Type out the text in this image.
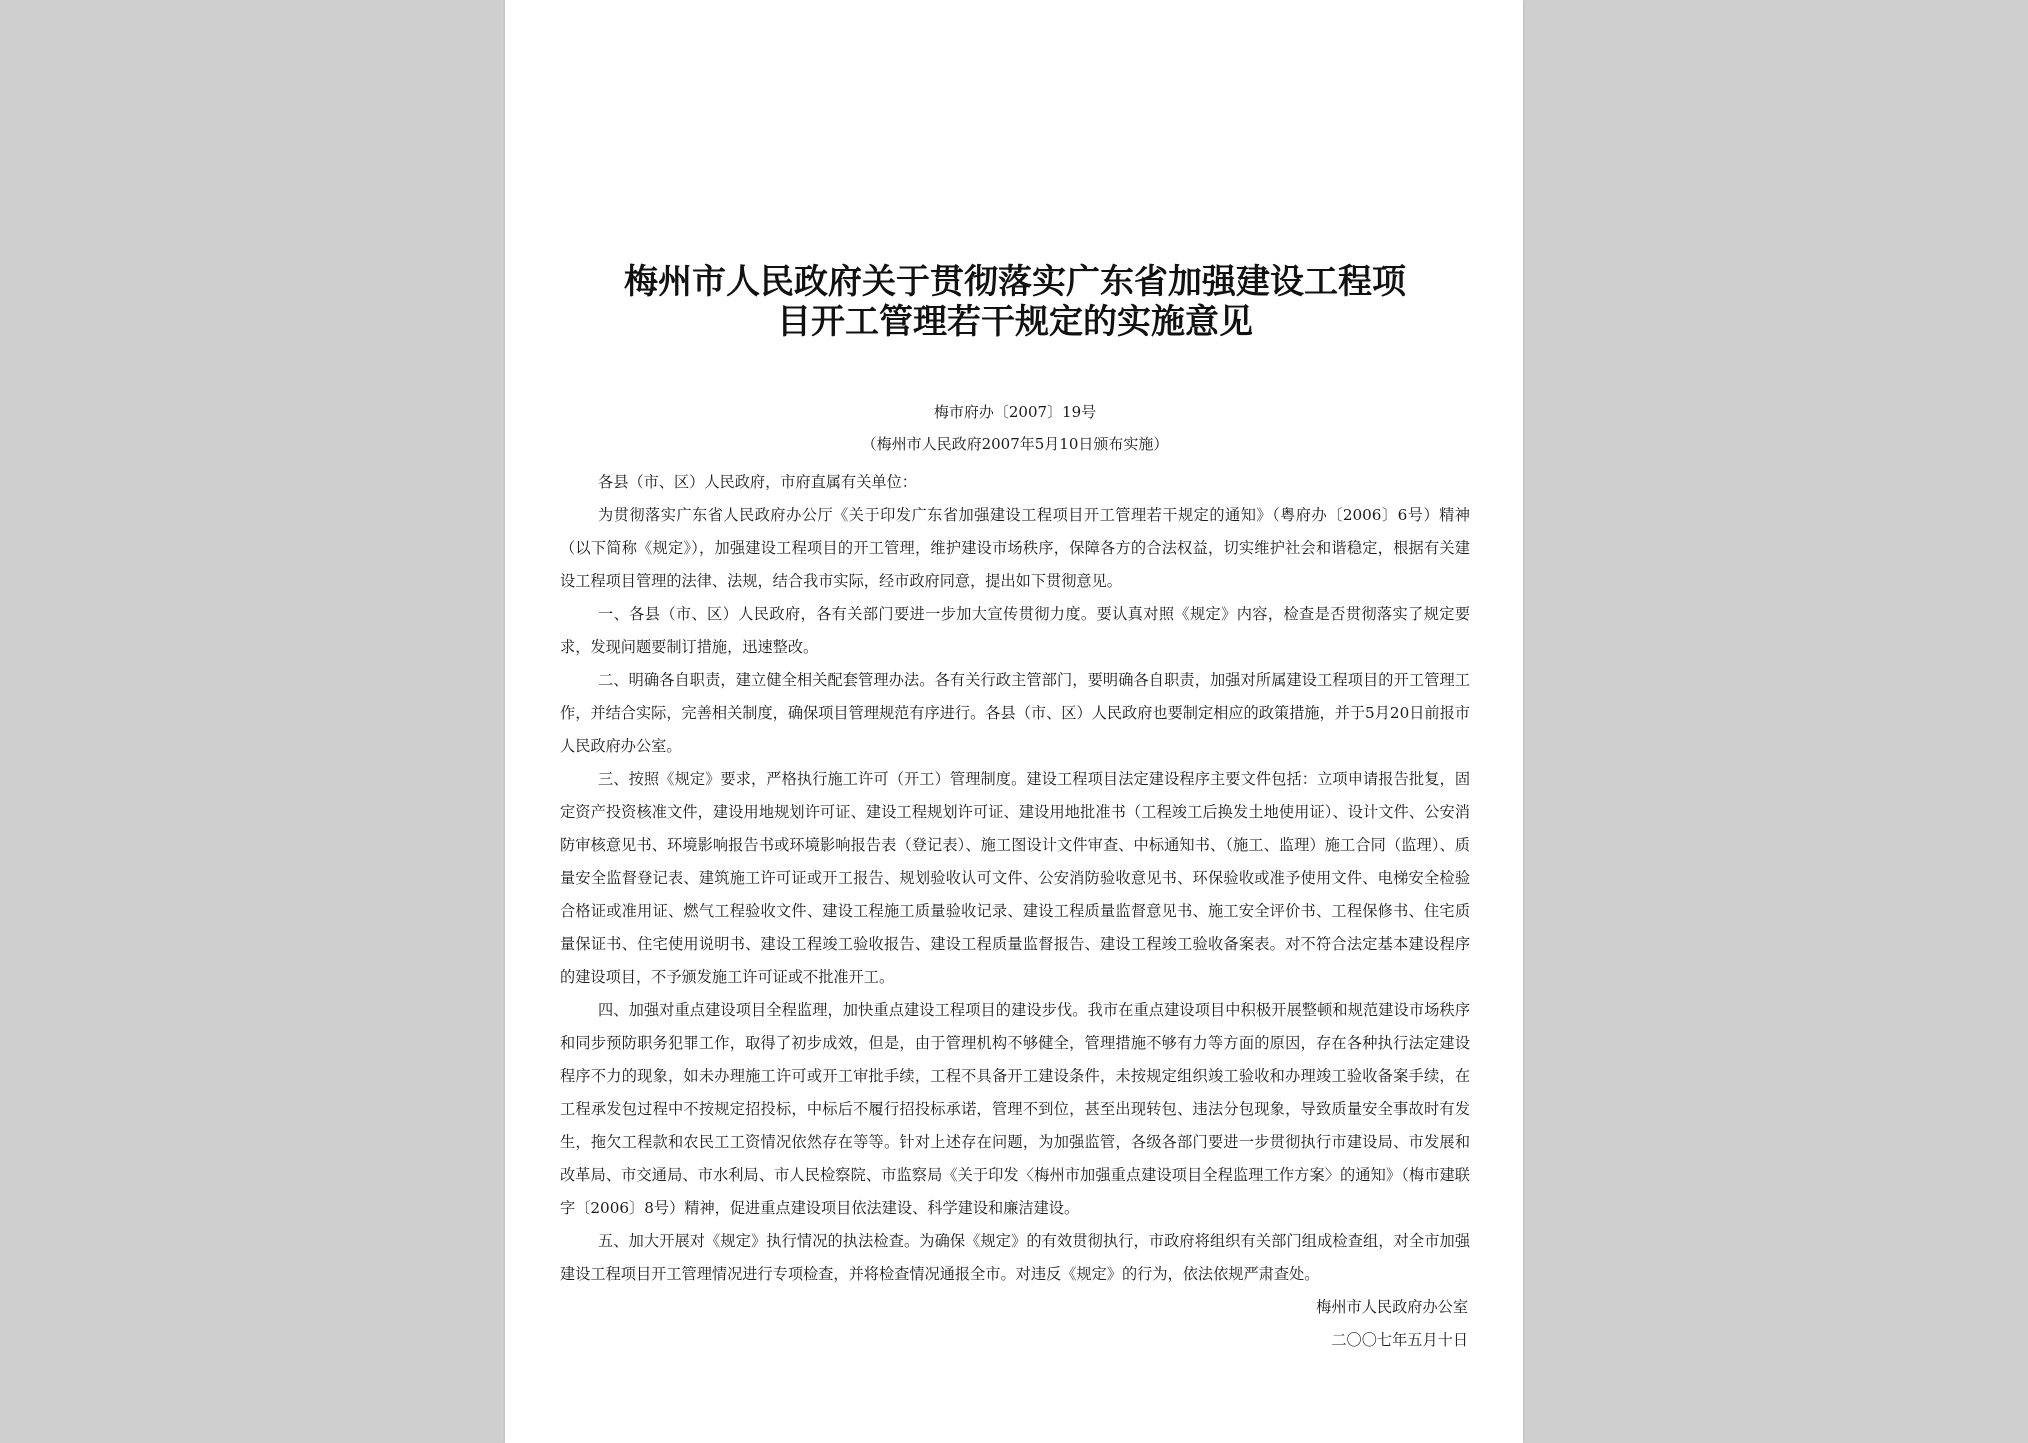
梅州市人民政府关于贯彻落实广东省加强建设工程项
目开工管理若干规定的实施意见
梅市府办〔2007〕19号
（梅州市人民政府2007年5月10日颁布实施）
各县（市、区）人民政府，市府直属有关单位：

为贯彻落实广东省人民政府办公厅《关于印发广东省加强建设工程项目开工管理若干规定的通知》（粤府办〔2006〕6号）精神（以下简称《规定》），加强建设工程项目的开工管理，维护建设市场秩序，保障各方的合法权益，切实维护社会和谐稳定，根据有关建设工程项目管理的法律、法规，结合我市实际，经市政府同意，提出如下贯彻意见。

一、各县（市、区）人民政府，各有关部门要进一步加大宣传贯彻力度。要认真对照《规定》内容，检查是否贯彻落实了规定要求，发现问题要制订措施，迅速整改。

二、明确各自职责，建立健全相关配套管理办法。各有关行政主管部门，要明确各自职责，加强对所属建设工程项目的开工管理工作，并结合实际，完善相关制度，确保项目管理规范有序进行。各县（市、区）人民政府也要制定相应的政策措施，并于5月20日前报市人民政府办公室。

三、按照《规定》要求，严格执行施工许可（开工）管理制度。建设工程项目法定建设程序主要文件包括：立项申请报告批复，固定资产投资核准文件，建设用地规划许可证、建设工程规划许可证、建设用地批准书（工程竣工后换发土地使用证）、设计文件、公安消防审核意见书、环境影响报告书或环境影响报告表（登记表）、施工图设计文件审查、中标通知书、（施工、监理）施工合同（监理）、质量安全监督登记表、建筑施工许可证或开工报告、规划验收认可文件、公安消防验收意见书、环保验收或准予使用文件、电梯安全检验合格证或准用证、燃气工程验收文件、建设工程施工质量验收记录、建设工程质量监督意见书、施工安全评价书、工程保修书、住宅质量保证书、住宅使用说明书、建设工程竣工验收报告、建设工程质量监督报告、建设工程竣工验收备案表。对不符合法定基本建设程序的建设项目，不予颁发施工许可证或不批准开工。

四、加强对重点建设项目全程监理，加快重点建设工程项目的建设步伐。我市在重点建设项目中积极开展整顿和规范建设市场秩序和同步预防职务犯罪工作，取得了初步成效，但是，由于管理机构不够健全，管理措施不够有力等方面的原因，存在各种执行法定建设程序不力的现象，如未办理施工许可或开工审批手续，工程不具备开工建设条件，未按规定组织竣工验收和办理竣工验收备案手续，在工程承发包过程中不按规定招投标，中标后不履行招投标承诺，管理不到位，甚至出现转包、违法分包现象，导致质量安全事故时有发生，拖欠工程款和农民工工资情况依然存在等等。针对上述存在问题，为加强监管，各级各部门要进一步贯彻执行市建设局、市发展和改革局、市交通局、市水利局、市人民检察院、市监察局《关于印发〈梅州市加强重点建设项目全程监理工作方案〉的通知》（梅市建联字〔2006〕8号）精神，促进重点建设项目依法建设、科学建设和廉洁建设。

五、加大开展对《规定》执行情况的执法检查。为确保《规定》的有效贯彻执行，市政府将组织有关部门组成检查组，对全市加强建设工程项目开工管理情况进行专项检查，并将检查情况通报全市。对违反《规定》的行为，依法依规严肃查处。

梅州市人民政府办公室
二〇〇七年五月十日
